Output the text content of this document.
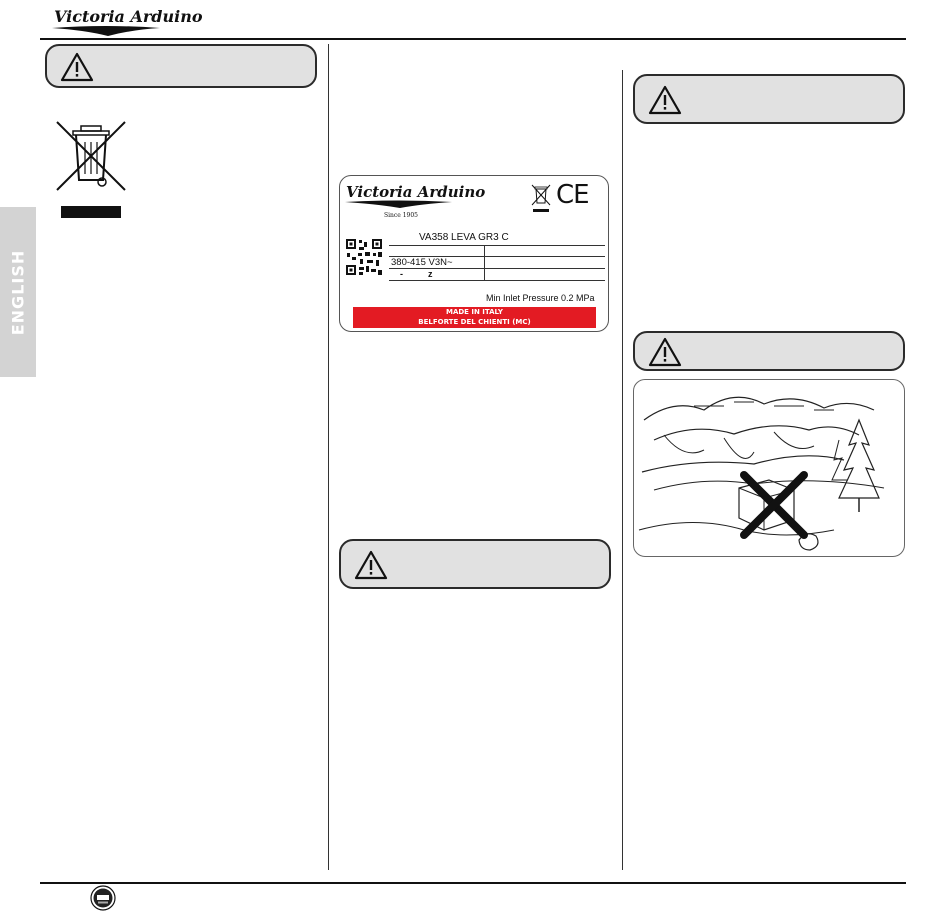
Victoria Arduino
ENGLISH
Victoria Arduino
Since 1905
CE
VA358 LEVA GR3 C
380-415 V3N~
-          z
Min Inlet Pressure 0.2 MPa
MADE IN ITALY
BELFORTE DEL CHIENTI (MC)
